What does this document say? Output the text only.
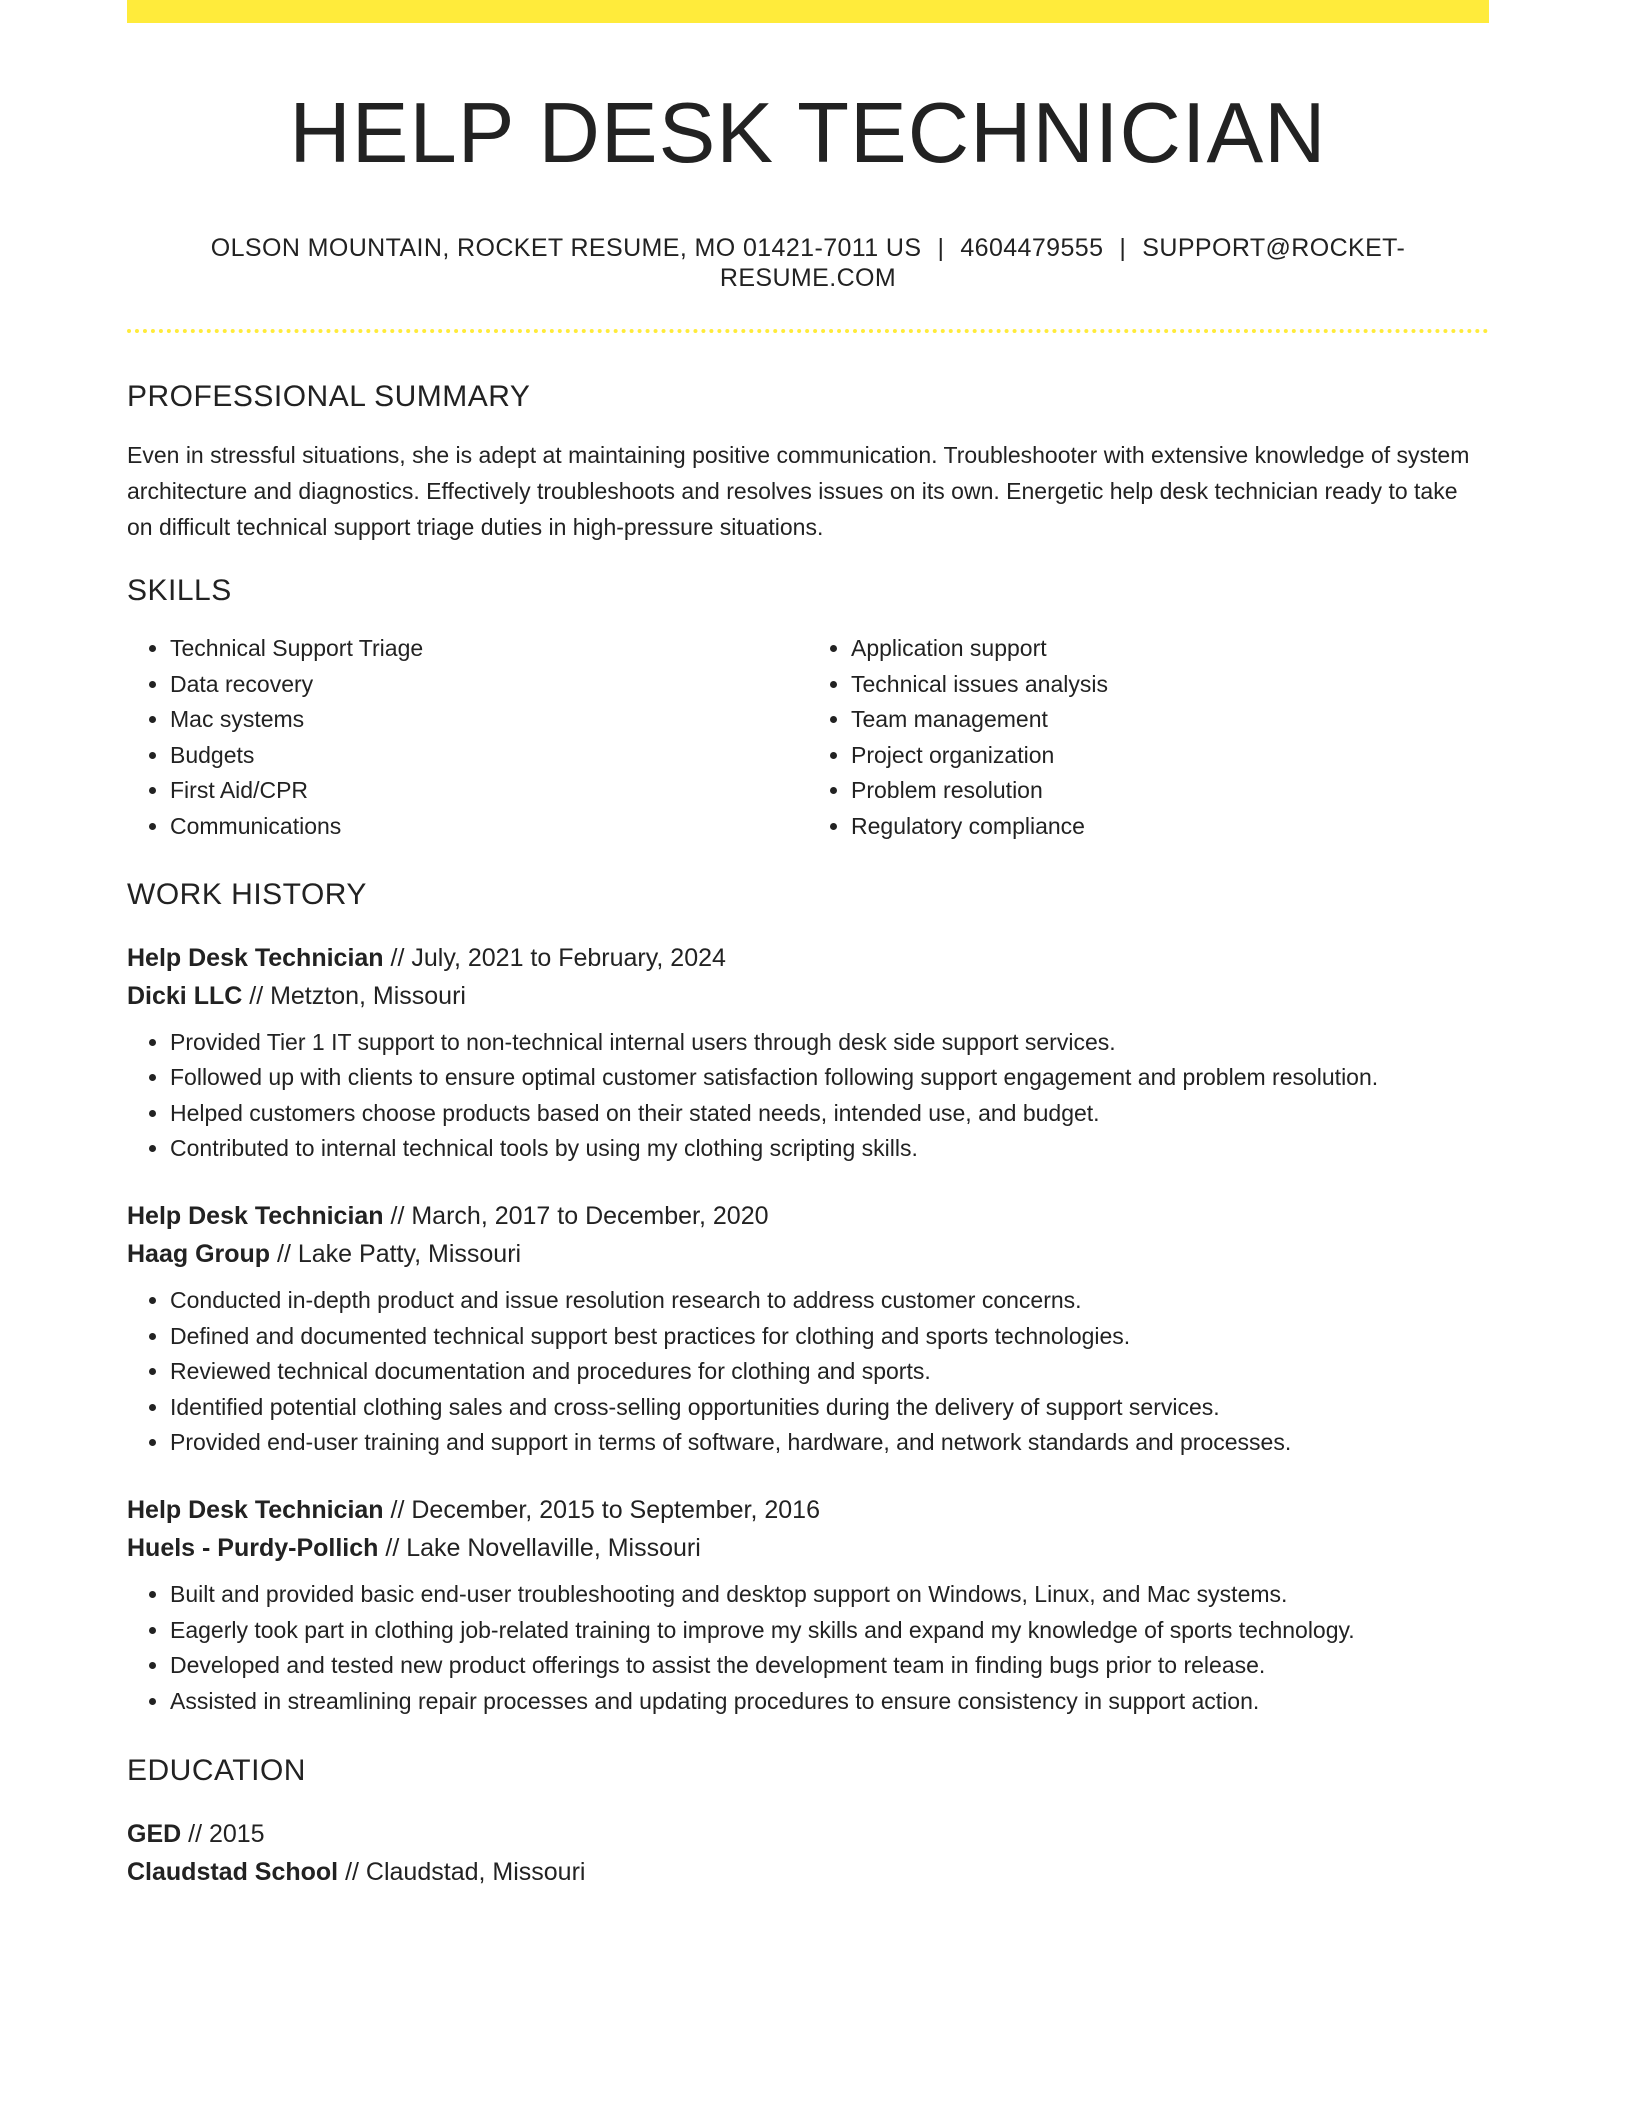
HELP DESK TECHNICIAN
OLSON MOUNTAIN, ROCKET RESUME, MO 01421-7011 US | 4604479555 | SUPPORT@ROCKET-RESUME.COM
PROFESSIONAL SUMMARY
Even in stressful situations, she is adept at maintaining positive communication. Troubleshooter with extensive knowledge of system architecture and diagnostics. Effectively troubleshoots and resolves issues on its own. Energetic help desk technician ready to take on difficult technical support triage duties in high-pressure situations.
SKILLS
• Technical Support Triage
• Data recovery
• Mac systems
• Budgets
• First Aid/CPR
• Communications
• Application support
• Technical issues analysis
• Team management
• Project organization
• Problem resolution
• Regulatory compliance
WORK HISTORY
Help Desk Technician // July, 2021 to February, 2024
Dicki LLC // Metzton, Missouri
• Provided Tier 1 IT support to non-technical internal users through desk side support services.
• Followed up with clients to ensure optimal customer satisfaction following support engagement and problem resolution.
• Helped customers choose products based on their stated needs, intended use, and budget.
• Contributed to internal technical tools by using my clothing scripting skills.
Help Desk Technician // March, 2017 to December, 2020
Haag Group // Lake Patty, Missouri
• Conducted in-depth product and issue resolution research to address customer concerns.
• Defined and documented technical support best practices for clothing and sports technologies.
• Reviewed technical documentation and procedures for clothing and sports.
• Identified potential clothing sales and cross-selling opportunities during the delivery of support services.
• Provided end-user training and support in terms of software, hardware, and network standards and processes.
Help Desk Technician // December, 2015 to September, 2016
Huels - Purdy-Pollich // Lake Novellaville, Missouri
• Built and provided basic end-user troubleshooting and desktop support on Windows, Linux, and Mac systems.
• Eagerly took part in clothing job-related training to improve my skills and expand my knowledge of sports technology.
• Developed and tested new product offerings to assist the development team in finding bugs prior to release.
• Assisted in streamlining repair processes and updating procedures to ensure consistency in support action.
EDUCATION
GED // 2015
Claudstad School // Claudstad, Missouri
